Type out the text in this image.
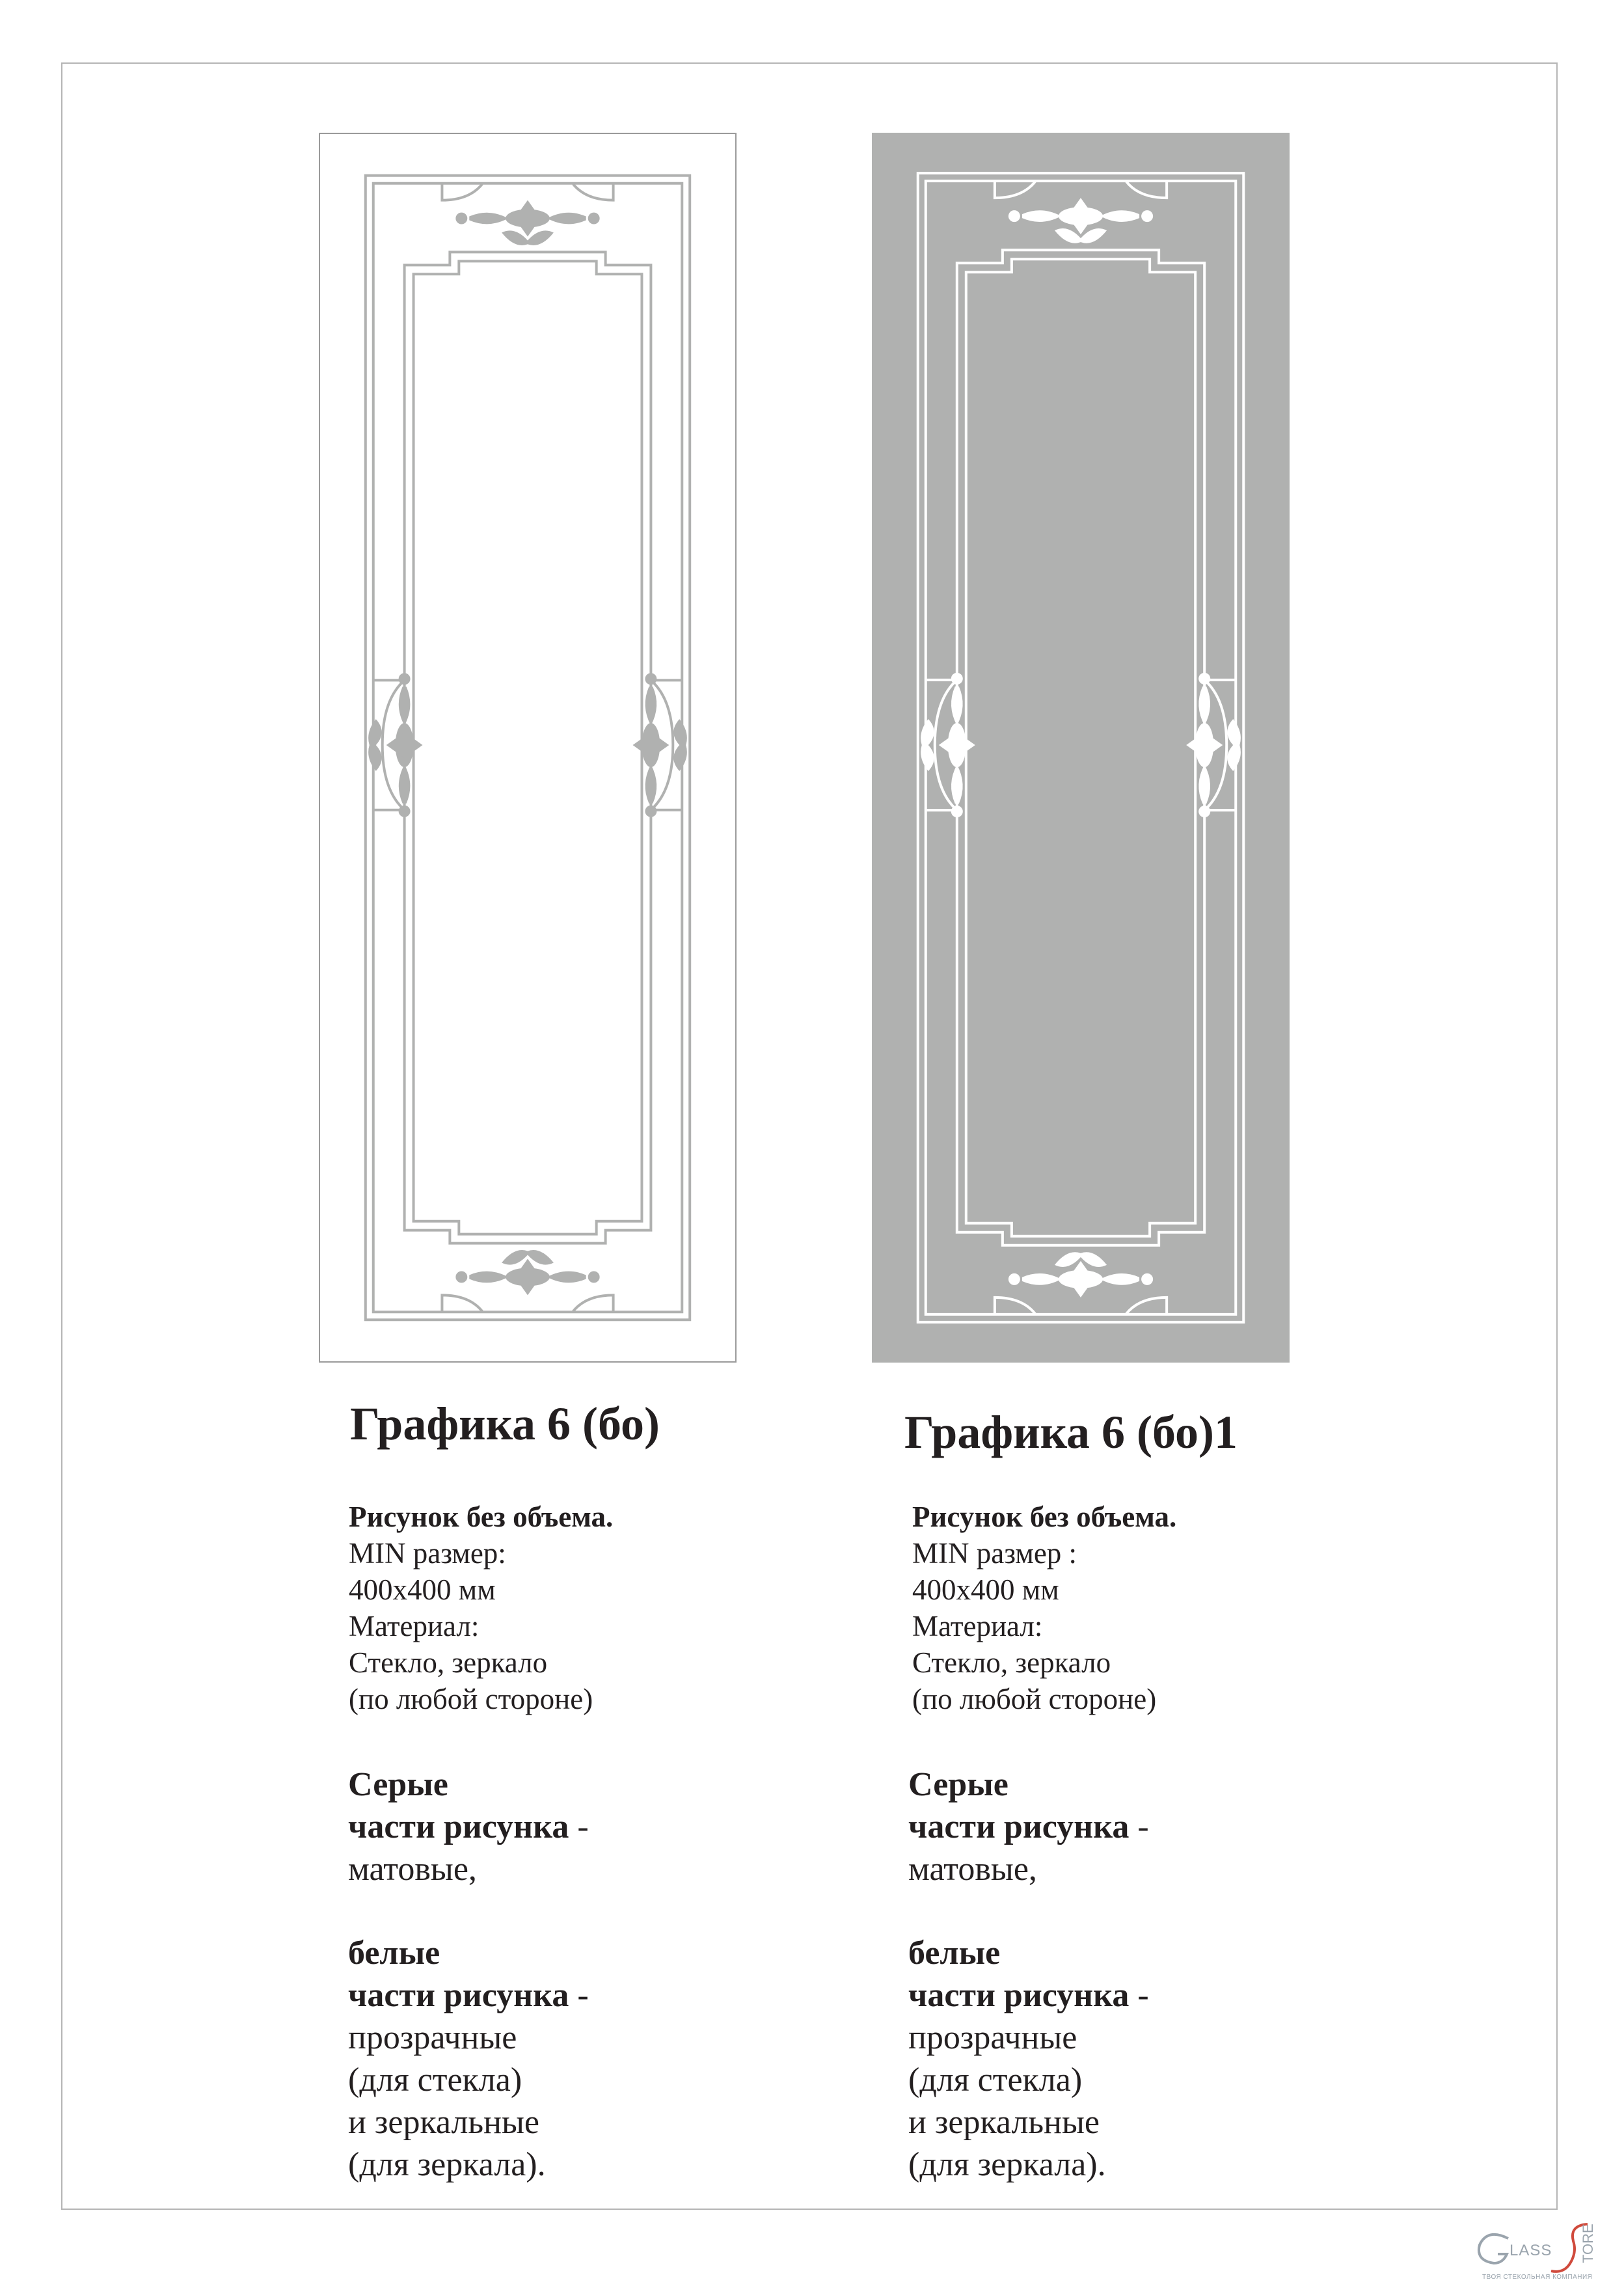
Графика 6 (бо)
Рисунок без объема.
MIN размер:
400x400 мм
Материал:
Стекло, зеркало
(по любой стороне)
Серые
части рисунка -
матовые,
белые
части рисунка -
прозрачные
(для стекла)
и зеркальные
(для зеркала).
Графика 6 (бо)1
Рисунок без объема.
MIN размер :
400x400 мм
Материал:
Стекло, зеркало
(по любой стороне)
Серые
части рисунка -
матовые,
белые
части рисунка -
прозрачные
(для стекла)
и зеркальные
(для зеркала).
LASS TORE
ТВОЯ СТЕКОЛЬНАЯ КОМПАНИЯ
